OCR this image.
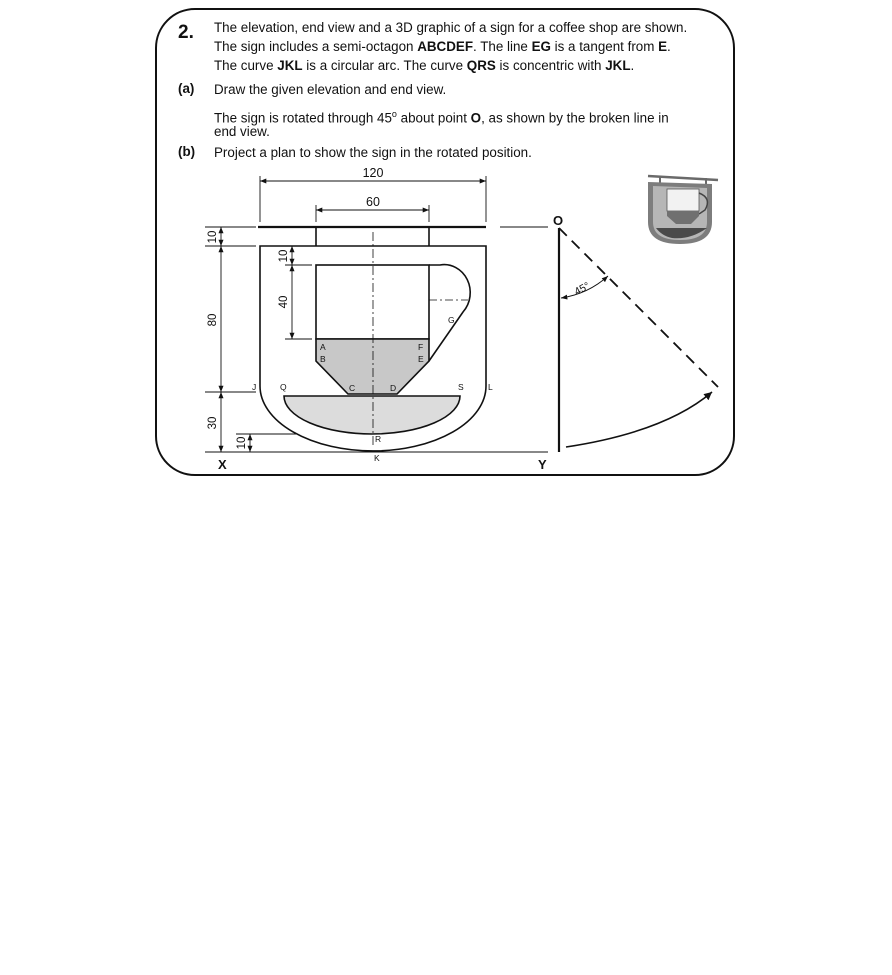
2. The elevation, end view and a 3D graphic of a sign for a coffee shop are shown.
The sign includes a semi-octagon ABCDEF. The line EG is a tangent from E.
The curve JKL is a circular arc. The curve QRS is concentric with JKL.
(a) Draw the given elevation and end view.
The sign is rotated through 45$^o$ about point O, as shown by the broken line in
end view.
(b) Project a plan to show the sign in the rotated position.
120
60
10
80
30
10
40
10
A
B
C	D
E
F
G
J	Q	S	L
R
K
X	Y
O
45°
